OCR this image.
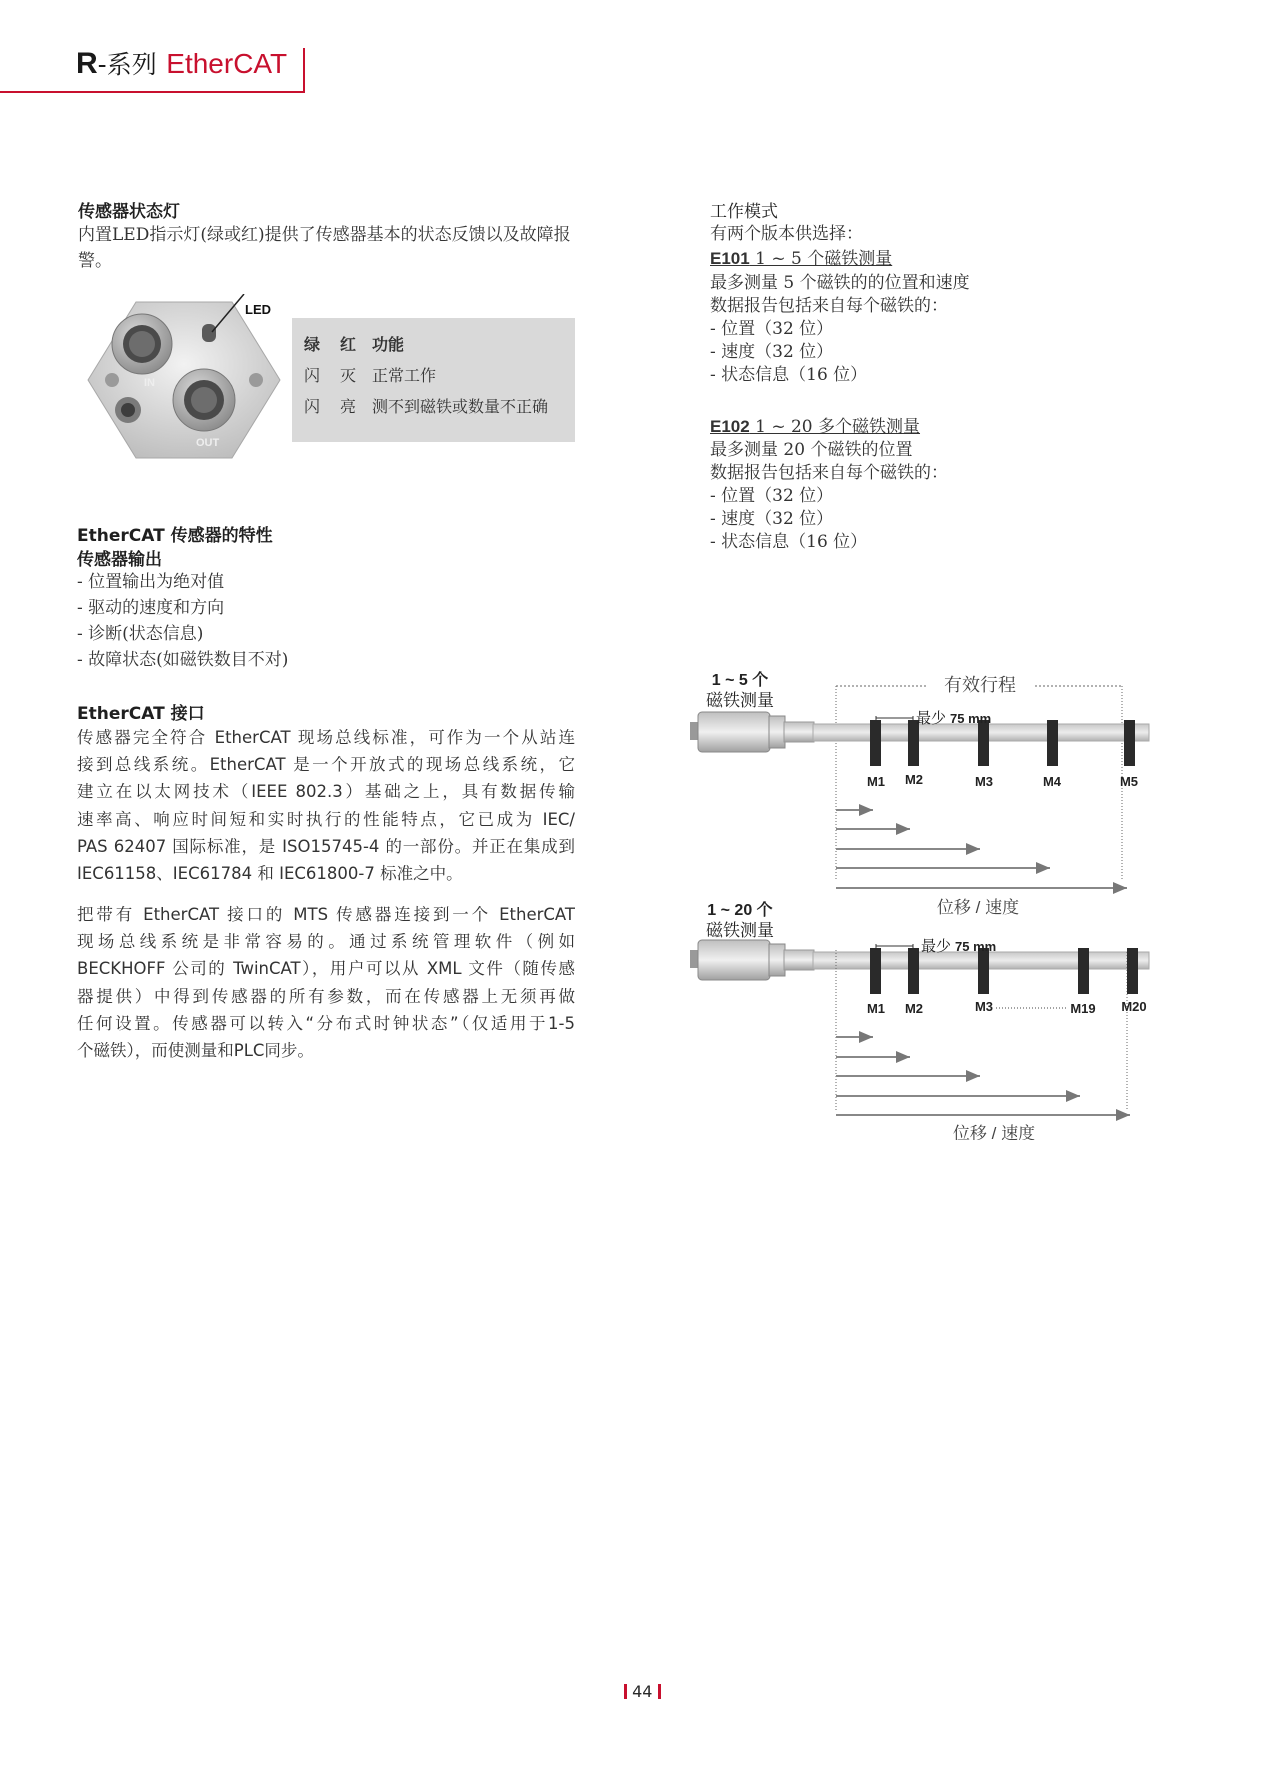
R-系列 EtherCAT
传感器状态灯
内置LED指示灯(绿或红)提供了传感器基本的状态反馈以及故障报
警。
IN
OUT
LED
绿 红 功能
闪 灭 正常工作
闪 亮 测不到磁铁或数量不正确
EtherCAT 传感器的特性
传感器输出
- 位置输出为绝对值
- 驱动的速度和方向
- 诊断(状态信息)
- 故障状态(如磁铁数目不对)
EtherCAT 接口
传感器完全符合 EtherCAT 现场总线标准，可作为一个从站连
接到总线系统。EtherCAT 是一个开放式的现场总线系统，它
建立在以太网技术（IEEE 802.3）基础之上，具有数据传输
速率高、响应时间短和实时执行的性能特点，它已成为 IEC/
PAS 62407 国际标准，是 ISO15745-4 的一部份。并正在集成到
IEC61158、IEC61784 和 IEC61800-7 标准之中。
把带有 EtherCAT 接口的 MTS 传感器连接到一个 EtherCAT
现场总线系统是非常容易的。通过系统管理软件（例如
BECKHOFF 公司的 TwinCAT），用户可以从 XML 文件（随传感
器提供）中得到传感器的所有参数，而在传感器上无须再做
任何设置。传感器可以转入“分布式时钟状态”（仅适用于1-5
个磁铁），而使测量和PLC同步。
工作模式
有两个版本供选择：
E101 1 ~ 5 个磁铁测量
最多测量 5 个磁铁的的位置和速度
数据报告包括来自每个磁铁的：
- 位置（32 位）
- 速度（32 位）
- 状态信息（16 位）
E102 1 ~ 20 多个磁铁测量
最多测量 20 个磁铁的位置
数据报告包括来自每个磁铁的：
- 位置（32 位）
- 速度（32 位）
- 状态信息（16 位）
1 ~ 5 个
磁铁测量
有效行程
最少 75 mm
M1 M2	M3	M4	M5
位移 / 速度
1 ~ 20 个
磁铁测量
最少 75 mm
M1 M2	M3	M19 M20
位移 / 速度
44
